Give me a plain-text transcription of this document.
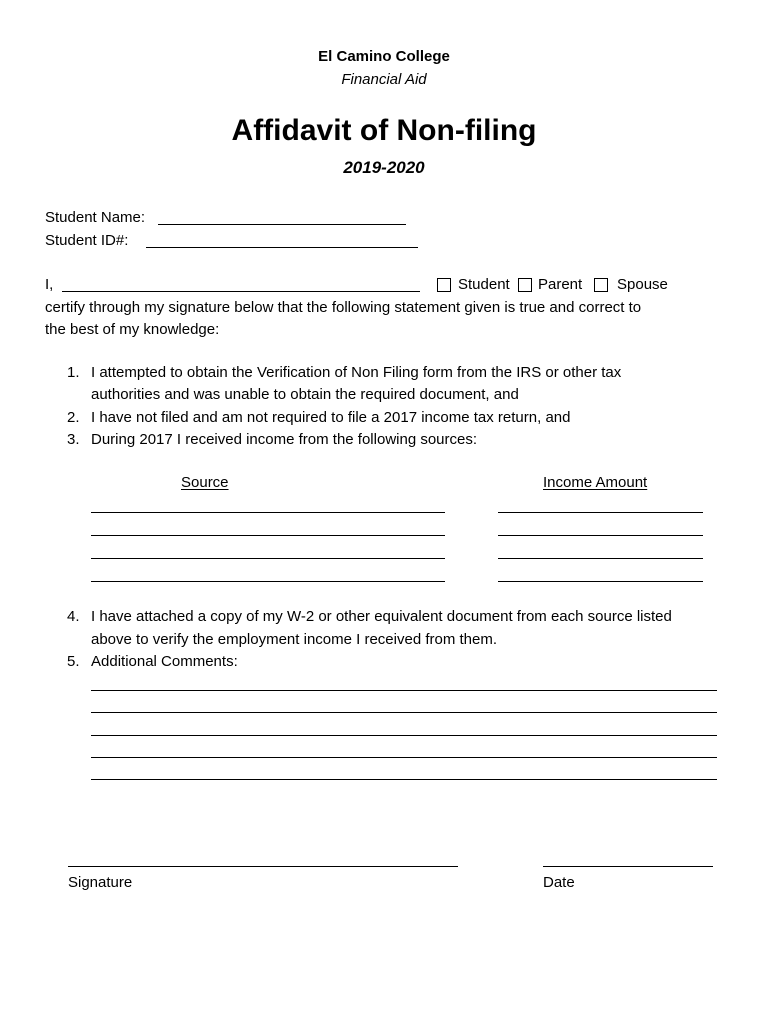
El Camino College
Financial Aid
Affidavit of Non-filing
2019-2020
Student Name:
Student ID#:
I,	Student Parent Spouse
certify through my signature below that the following statement given is true and correct to
the best of my knowledge:
1. I attempted to obtain the Verification of Non Filing form from the IRS or other tax
authorities and was unable to obtain the required document, and
2. I have not filed and am not required to file a 2017 income tax return, and
3. During 2017 I received income from the following sources:
Source	Income Amount
4. I have attached a copy of my W-2 or other equivalent document from each source listed
above to verify the employment income I received from them.
5. Additional Comments:
Signature	Date
